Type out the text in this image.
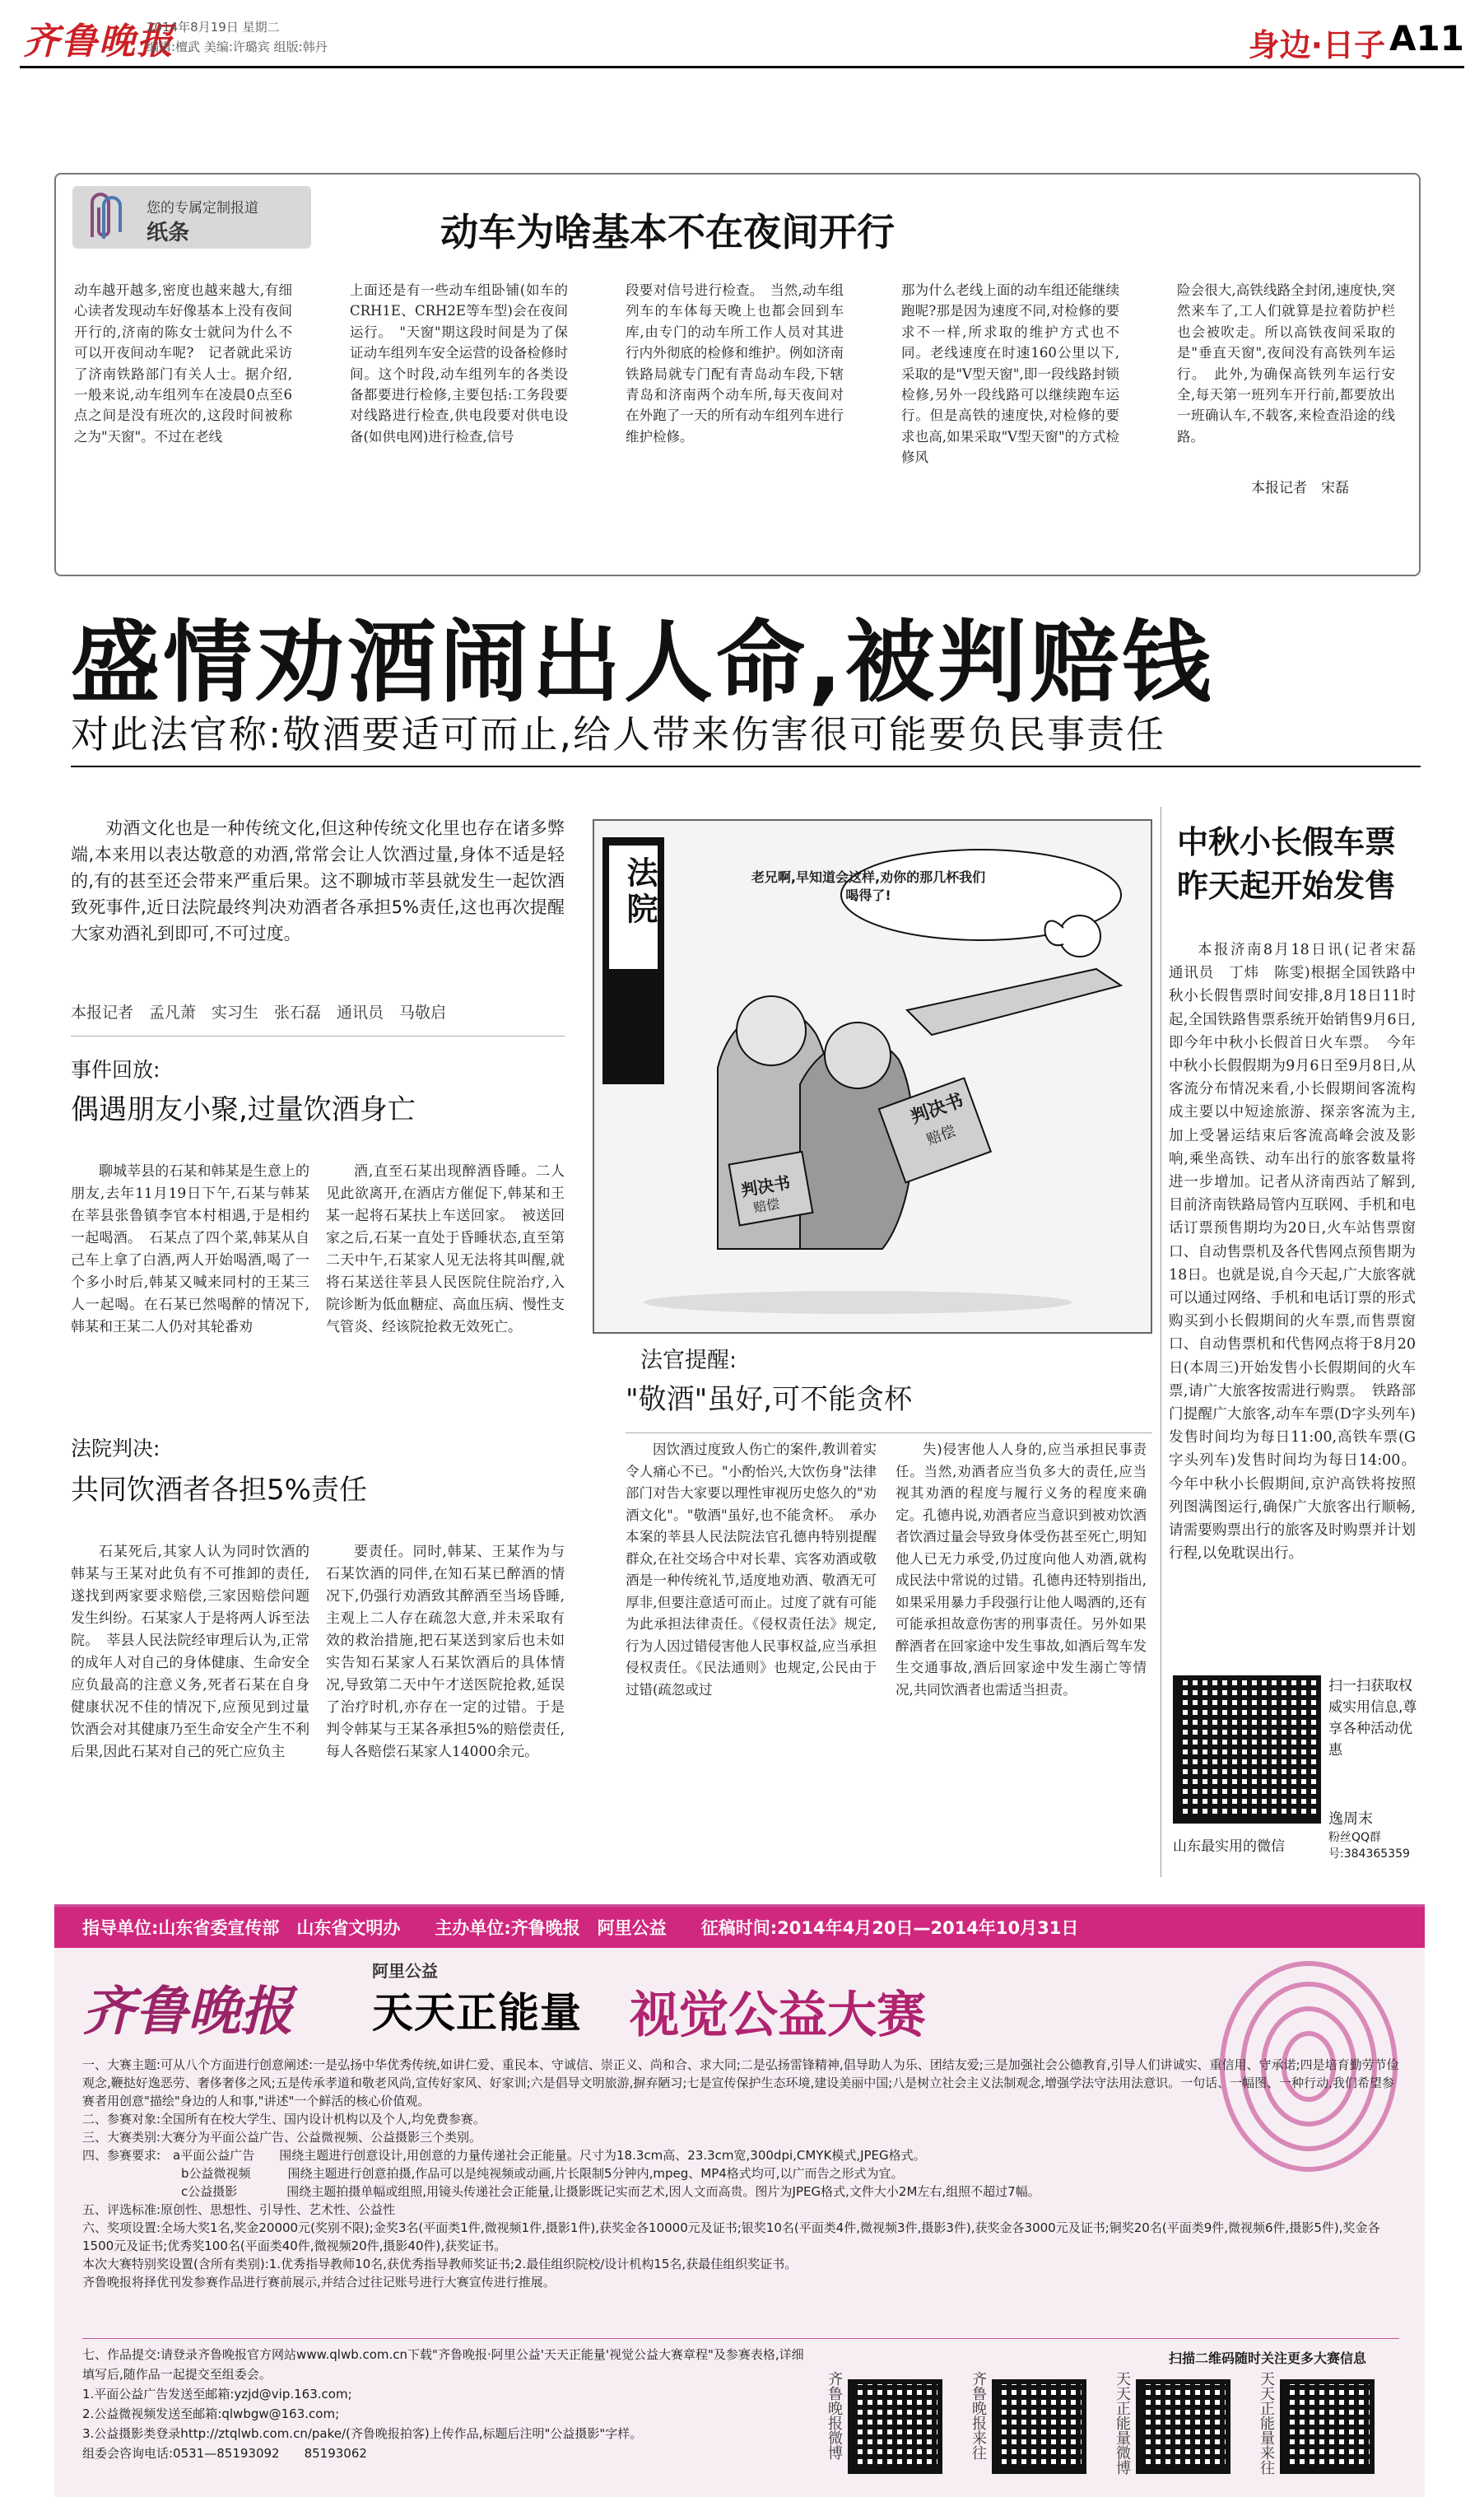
齐鲁晚报
2014年8月19日 星期二
编辑:檀武 美编:许璐宾 组版:韩丹	身边·日子 A11
您的专属定制报道
纸条	动车为啥基本不在夜间开行
动车越开越多,密度也越来越大,有细心读者发现动车好像基本上没有夜间开行的,济南的陈女士就问为什么不可以开夜间动车呢?　记者就此采访了济南铁路部门有关人士。据介绍,一般来说,动车组列车在凌晨0点至6点之间是没有班次的,这段时间被称之为"天窗"。不过在老线
上面还是有一些动车组卧铺(如车的CRH1E、CRH2E等车型)会在夜间运行。　"天窗"期这段时间是为了保证动车组列车安全运营的设备检修时间。这个时段,动车组列车的各类设备都要进行检修,主要包括:工务段要对线路进行检查,供电段要对供电设备(如供电网)进行检查,信号
段要对信号进行检查。　当然,动车组列车的车体每天晚上也都会回到车库,由专门的动车所工作人员对其进行内外彻底的检修和维护。例如济南铁路局就专门配有青岛动车段,下辖青岛和济南两个动车所,每天夜间对在外跑了一天的所有动车组列车进行维护检修。
那为什么老线上面的动车组还能继续跑呢?那是因为速度不同,对检修的要求不一样,所求取的维护方式也不同。老线速度在时速160公里以下,采取的是"V型天窗",即一段线路封锁检修,另外一段线路可以继续跑车运行。但是高铁的速度快,对检修的要求也高,如果采取"V型天窗"的方式检修风
险会很大,高铁线路全封闭,速度快,突然来车了,工人们就算是拉着防护栏也会被吹走。所以高铁夜间采取的是"垂直天窗",夜间没有高铁列车运行。　此外,为确保高铁列车运行安全,每天第一班列车开行前,都要放出一班确认车,不载客,来检查沿途的线路。
本报记者　宋磊
盛情劝酒闹出人命,被判赔钱
对此法官称:敬酒要适可而止,给人带来伤害很可能要负民事责任
劝酒文化也是一种传统文化,但这种传统文化里也存在诸多弊端,本来用以表达敬意的劝酒,常常会让人饮酒过量,身体不适是轻的,有的甚至还会带来严重后果。这不聊城市莘县就发生一起饮酒致死事件,近日法院最终判决劝酒者各承担5%责任,这也再次提醒大家劝酒礼到即可,不可过度。
本报记者　孟凡萧　实习生　张石磊　通讯员　马敬启
事件回放:
偶遇朋友小聚,过量饮酒身亡

聊城莘县的石某和韩某是生意上的朋友,去年11月19日下午,石某与韩某在莘县张鲁镇李官本村相遇,于是相约一起喝酒。　石某点了四个菜,韩某从自己车上拿了白酒,两人开始喝酒,喝了一个多小时后,韩某又喊来同村的王某三人一起喝。在石某已然喝醉的情况下,韩某和王某二人仍对其轮番劝

酒,直至石某出现醉酒昏睡。二人见此欲离开,在酒店方催促下,韩某和王某一起将石某扶上车送回家。　被送回家之后,石某一直处于昏睡状态,直至第二天中午,石某家人见无法将其叫醒,就将石某送往莘县人民医院住院治疗,入院诊断为低血糖症、高血压病、慢性支气管炎、经该院抢救无效死亡。

法院判决:
共同饮酒者各担5%责任

石某死后,其家人认为同时饮酒的韩某与王某对此负有不可推卸的责任,遂找到两家要求赔偿,三家因赔偿问题发生纠纷。石某家人于是将两人诉至法院。　莘县人民法院经审理后认为,正常的成年人对自己的身体健康、生命安全应负最高的注意义务,死者石某在自身健康状况不佳的情况下,应预见到过量饮酒会对其健康乃至生命安全产生不利后果,因此石某对自己的死亡应负主

要责任。同时,韩某、王某作为与石某饮酒的同伴,在知石某已醉酒的情况下,仍强行劝酒致其醉酒至当场昏睡,主观上二人存在疏忽大意,并未采取有效的救治措施,把石某送到家后也未如实告知石某家人石某饮酒后的具体情况,导致第二天中午才送医院抢救,延误了治疗时机,亦存在一定的过错。于是判令韩某与王某各承担5%的赔偿责任,每人各赔偿石某家人14000余元。

法院	老兄啊,早知道会这样,劝你的那几杯我们喝得了!
判决书
赔偿
判决书
赔偿
法官提醒:
"敬酒"虽好,可不能贪杯

因饮酒过度致人伤亡的案件,教训着实令人痛心不已。"小酌怡兴,大饮伤身"法律部门对告大家要以理性审视历史悠久的"劝酒文化"。"敬酒"虽好,也不能贪杯。　承办本案的莘县人民法院法官孔德冉特别提醒群众,在社交场合中对长辈、宾客劝酒或敬酒是一种传统礼节,适度地劝酒、敬酒无可厚非,但要注意适可而止。过度了就有可能为此承担法律责任。《侵权责任法》规定,行为人因过错侵害他人民事权益,应当承担侵权责任。《民法通则》也规定,公民由于过错(疏忽或过

失)侵害他人人身的,应当承担民事责任。当然,劝酒者应当负多大的责任,应当视其劝酒的程度与履行义务的程度来确定。孔德冉说,劝酒者应当意识到被劝饮酒者饮酒过量会导致身体受伤甚至死亡,明知他人已无力承受,仍过度向他人劝酒,就构成民法中常说的过错。孔德冉还特别指出,如果采用暴力手段强行让他人喝酒的,还有可能承担故意伤害的刑事责任。另外如果醉酒者在回家途中发生事故,如酒后驾车发生交通事故,酒后回家途中发生溺亡等情况,共同饮酒者也需适当担责。

中秋小长假车票
昨天起开始发售

本报济南8月18日讯(记者宋磊　通讯员　丁炜　陈雯)根据全国铁路中秋小长假售票时间安排,8月18日11时起,全国铁路售票系统开始销售9月6日,即今年中秋小长假首日火车票。　今年中秋小长假假期为9月6日至9月8日,从客流分布情况来看,小长假期间客流构成主要以中短途旅游、探亲客流为主,加上受暑运结束后客流高峰会波及影响,乘坐高铁、动车出行的旅客数量将进一步增加。记者从济南西站了解到,目前济南铁路局管内互联网、手机和电话订票预售期均为20日,火车站售票窗口、自动售票机及各代售网点预售期为18日。也就是说,自今天起,广大旅客就可以通过网络、手机和电话订票的形式购买到小长假期间的火车票,而售票窗口、自动售票机和代售网点将于8月20日(本周三)开始发售小长假期间的火车票,请广大旅客按需进行购票。　铁路部门提醒广大旅客,动车车票(D字头列车)发售时间均为每日11:00,高铁车票(G字头列车)发售时间均为每日14:00。今年中秋小长假期间,京沪高铁将按照列图满图运行,确保广大旅客出行顺畅,请需要购票出行的旅客及时购票并计划行程,以免耽误出行。

扫一扫获取权威实用信息,尊享各种活动优惠
逸周末
粉丝QQ群号:384365359
山东最实用的微信
指导单位:山东省委宣传部　山东省文明办　　主办单位:齐鲁晚报　阿里公益　　征稿时间:2014年4月20日—2014年10月31日
齐鲁晚报
阿里公益
天天正能量 视觉公益大赛
一、大赛主题:可从八个方面进行创意阐述:一是弘扬中华优秀传统,如讲仁爱、重民本、守诚信、崇正义、尚和合、求大同;二是弘扬雷锋精神,倡导助人为乐、团结友爱;三是加强社会公德教育,引导人们讲诚实、重信用、守承诺;四是培育勤劳节俭观念,鞭挞好逸恶劳、奢侈奢侈之风;五是传承孝道和敬老风尚,宣传好家风、好家训;六是倡导文明旅游,摒弃陋习;七是宣传保护生态环境,建设美丽中国;八是树立社会主义法制观念,增强学法守法用法意识。一句话、一幅图、一种行动,我们希望参赛者用创意"描绘"身边的人和事,"讲述"一个鲜活的核心价值观。
二、参赛对象:全国所有在校大学生、国内设计机构以及个人,均免费参赛。
三、大赛类别:大赛分为平面公益广告、公益微视频、公益摄影三个类别。
四、参赛要求:　a平面公益广告　　围绕主题进行创意设计,用创意的力量传递社会正能量。尺寸为18.3cm高、23.3cm宽,300dpi,CMYK模式,JPEG格式。
　　　　　　　　b公益微视频　　　围绕主题进行创意拍摄,作品可以是纯视频或动画,片长限制5分钟内,mpeg、MP4格式均可,以广而告之形式为宜。
　　　　　　　　c公益摄影　　　　围绕主题拍摄单幅或组照,用镜头传递社会正能量,让摄影既记实而艺术,因人文而高贵。图片为JPEG格式,文件大小2M左右,组照不超过7幅。
五、评选标准:原创性、思想性、引导性、艺术性、公益性
六、奖项设置:全场大奖1名,奖金20000元(奖别不限);金奖3名(平面类1件,微视频1件,摄影1件),获奖金各10000元及证书;银奖10名(平面类4件,微视频3件,摄影3件),获奖金各3000元及证书;铜奖20名(平面类9件,微视频6件,摄影5件),奖金各1500元及证书;优秀奖100名(平面类40件,微视频20件,摄影40件),获奖证书。
本次大赛特别奖设置(含所有类别):1.优秀指导教师10名,获优秀指导教师奖证书;2.最佳组织院校/设计机构15名,获最佳组织奖证书。
齐鲁晚报将择优刊发参赛作品进行赛前展示,并结合过往记账号进行大赛宣传进行推展。
七、作品提交:请登录齐鲁晚报官方网站www.qlwb.com.cn下载"齐鲁晚报·阿里公益'天天正能量'视觉公益大赛章程"及参赛表格,详细填写后,随作品一起提交至组委会。
1.平面公益广告发送至邮箱:yzjd@vip.163.com;
2.公益微视频发送至邮箱:qlwbgw@163.com;
3.公益摄影类登录http://ztqlwb.com.cn/pake/(齐鲁晚报拍客)上传作品,标题后注明"公益摄影"字样。
组委会咨询电话:0531—85193092　　85193062
扫描二维码随时关注更多大赛信息
齐鲁晚报微博	齐鲁晚报来往	天天正能量微博	天天正能量来往
